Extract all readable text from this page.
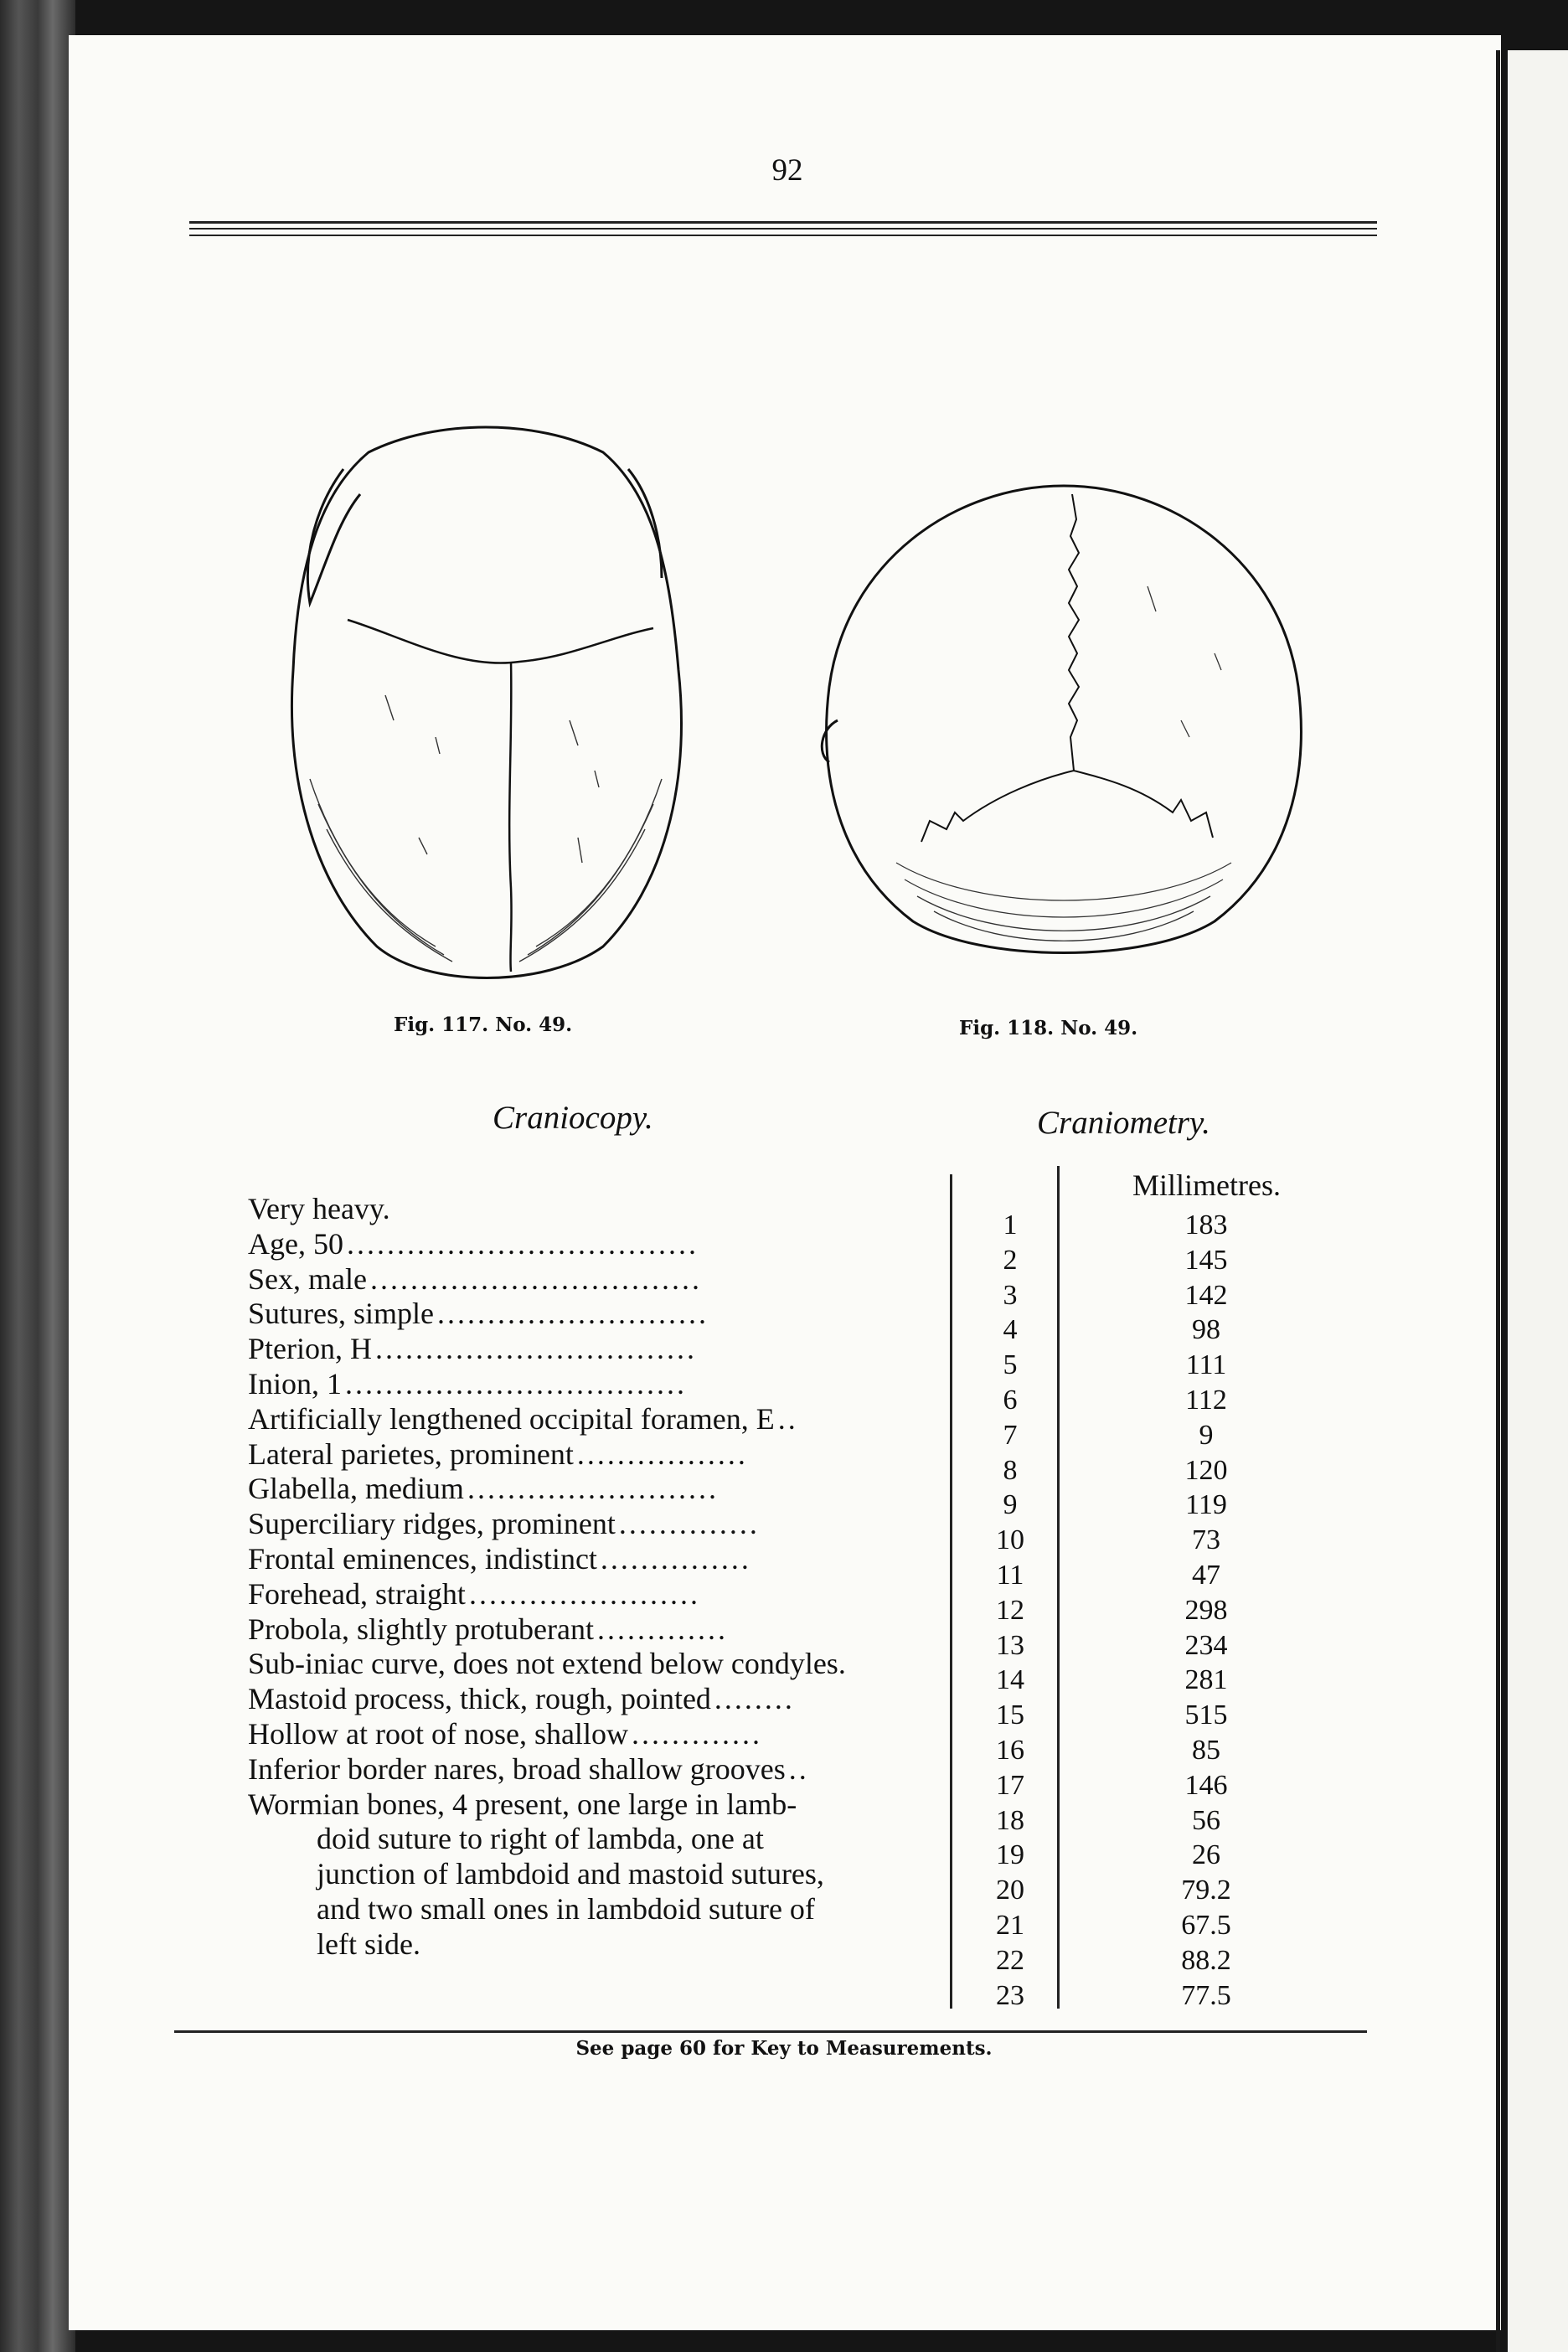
92
Fig. 117. No. 49.	Fig. 118. No. 49.
Craniocopy.	Craniometry.
Millimetres.
Very heavy.
Age, 50 ...................................
Sex, male .................................
Sutures, simple ...........................
Pterion, H ................................
Inion, 1 ..................................
Artificially lengthened occipital foramen, E ..
Lateral parietes, prominent .................
Glabella, medium .........................
Superciliary ridges, prominent ..............
Frontal eminences, indistinct ...............
Forehead, straight .......................
Probola, slightly protuberant .............
Sub-iniac curve, does not extend below condyles.
Mastoid process, thick, rough, pointed ........
Hollow at root of nose, shallow .............
Inferior border nares, broad shallow grooves ..
Wormian bones, 4 present, one large in lamb-
doid suture to right of lambda, one at
junction of lambdoid and mastoid sutures,
and two small ones in lambdoid suture of
left side.
1	183
2	145
3	142
4	98
5	111
6	112
7	9
8	120
9	119
10	73
11	47
12	298
13	234
14	281
15	515
16	85
17	146
18	56
19	26
20	79.2
21	67.5
22	88.2
23	77.5
See page 60 for Key to Measurements.
